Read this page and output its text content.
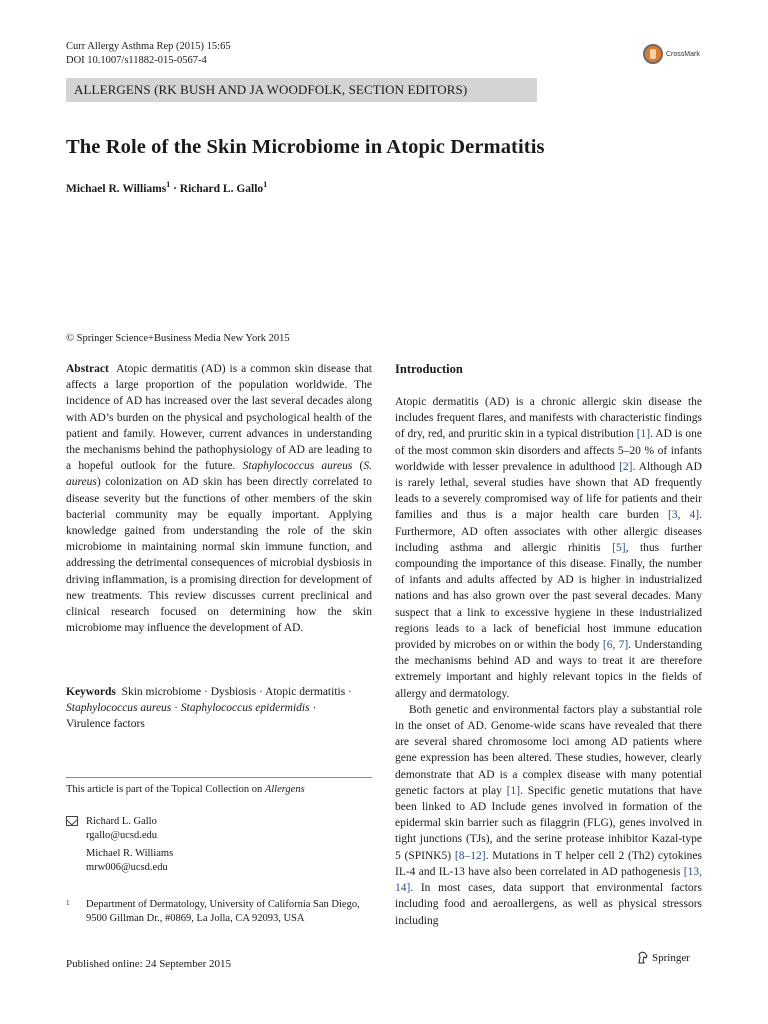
Curr Allergy Asthma Rep (2015) 15:65
DOI 10.1007/s11882-015-0567-4
CrossMark
ALLERGENS (RK BUSH AND JA WOODFOLK, SECTION EDITORS)
The Role of the Skin Microbiome in Atopic Dermatitis
Michael R. Williams$^1$ · Richard L. Gallo$^1$
© Springer Science+Business Media New York 2015

Abstract Atopic dermatitis (AD) is a common skin disease that affects a large proportion of the population worldwide. The incidence of AD has increased over the last several decades along with AD’s burden on the physical and psychological health of the patient and family. However, current advances in understanding the mechanisms behind the pathophysiology of AD are leading to a hopeful outlook for the future. Staphylococcus aureus (S. aureus) colonization on AD skin has been directly correlated to disease severity but the functions of other members of the skin bacterial community may be equally important. Applying knowledge gained from understanding the role of the skin microbiome in maintaining normal skin immune function, and addressing the detrimental consequences of microbial dysbiosis in driving inflammation, is a promising direction for development of new treatments. This review discusses current preclinical and clinical research focused on determining how the skin microbiome may influence the development of AD.

Keywords Skin microbiome · Dysbiosis · Atopic dermatitis ·
Staphylococcus aureus · Staphylococcus epidermidis ·
Virulence factors
This article is part of the Topical Collection on Allergens
Richard L. Gallo
rgallo@ucsd.edu
Michael R. Williams
mrw006@ucsd.edu
1 Department of Dermatology, University of California San Diego,
9500 Gillman Dr., #0869, La Jolla, CA 92093, USA
Introduction

Atopic dermatitis (AD) is a chronic allergic skin disease the includes frequent flares, and manifests with characteristic findings of dry, red, and pruritic skin in a typical distribution [1]. AD is one of the most common skin disorders and affects 5–20 % of infants worldwide with lesser prevalence in adulthood [2]. Although AD is rarely lethal, several studies have shown that AD frequently leads to a severely compromised way of life for patients and their families and thus is a major health care burden [3, 4]. Furthermore, AD often associates with other allergic diseases including asthma and allergic rhinitis [5], thus further compounding the importance of this disease. Finally, the number of infants and adults affected by AD is higher in industrialized nations and has also grown over the past several decades. Many suspect that a link to excessive hygiene in these industrialized regions leads to a lack of beneficial host immune education provided by microbes on or within the body [6, 7]. Understanding the mechanisms behind AD and ways to treat it are therefore extremely important and highly relevant topics in the fields of allergy and dermatology.

Both genetic and environmental factors play a substantial role in the onset of AD. Genome-wide scans have revealed that there are several shared chromosome loci among AD patients where gene expression has been altered. These studies, however, clearly demonstrate that AD is a complex disease with many potential genetic factors at play [1]. Specific genetic mutations that have been linked to AD Include genes involved in formation of the epidermal skin barrier such as filaggrin (FLG), genes involved in tight junctions (TJs), and the serine protease inhibitor Kazal-type 5 (SPINK5) [8–12]. Mutations in T helper cell 2 (Th2) cytokines IL-4 and IL-13 have also been correlated in AD pathogenesis [13, 14]. In most cases, data support that environmental factors including food and aeroallergens, as well as physical stressors including

Published online: 24 September 2015
Springer
